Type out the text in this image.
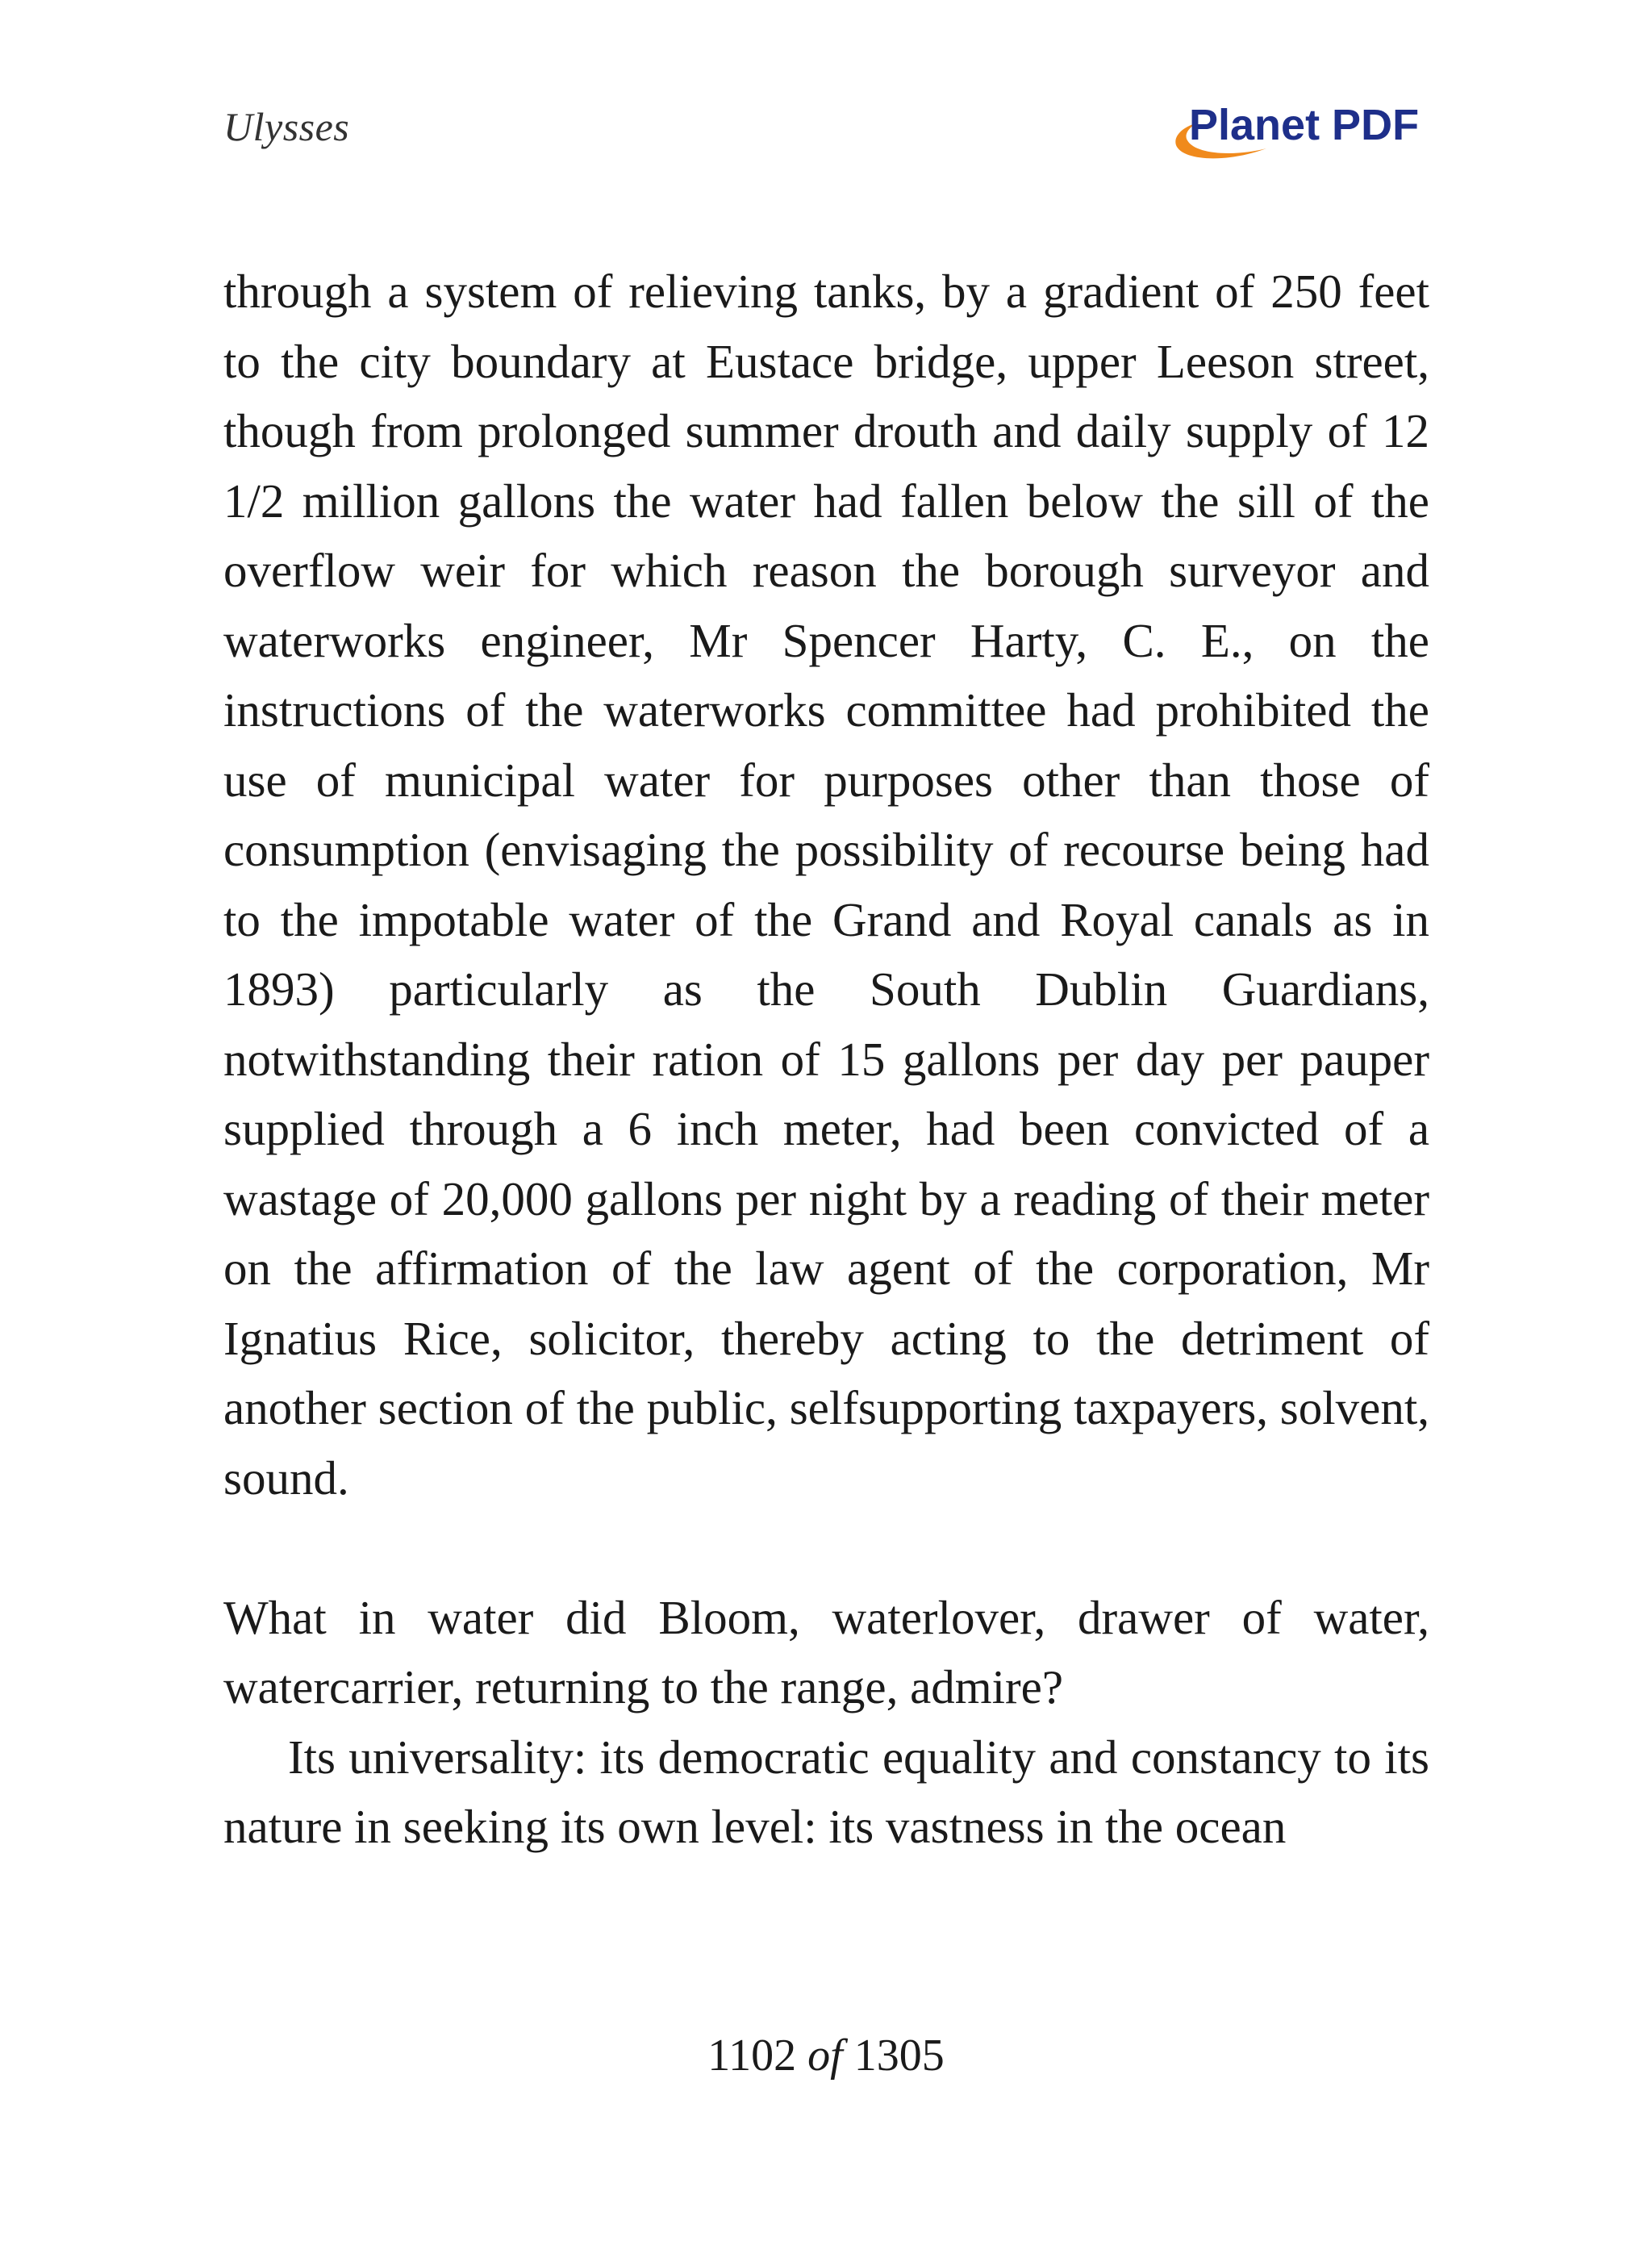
Ulysses	Planet PDF

through a system of relieving tanks, by a gradient of 250 feet to the city boundary at Eustace bridge, upper Leeson street, though from prolonged summer drouth and daily supply of 12 1/2 million gallons the water had fallen below the sill of the overflow weir for which reason the borough surveyor and waterworks engineer, Mr Spencer Harty, C. E., on the instructions of the waterworks committee had prohibited the use of municipal water for purposes other than those of consumption (envisaging the possibility of recourse being had to the impotable water of the Grand and Royal canals as in 1893) particularly as the South Dublin Guardians, notwithstanding their ration of 15 gallons per day per pauper supplied through a 6 inch meter, had been convicted of a wastage of 20,000 gallons per night by a reading of their meter on the affirmation of the law agent of the corporation, Mr Ignatius Rice, solicitor, thereby acting to the detriment of another section of the public, selfsupporting taxpayers, solvent, sound.

What in water did Bloom, waterlover, drawer of water, watercarrier, returning to the range, admire?

Its universality: its democratic equality and constancy to its nature in seeking its own level: its vastness in the ocean

1102 of 1305
